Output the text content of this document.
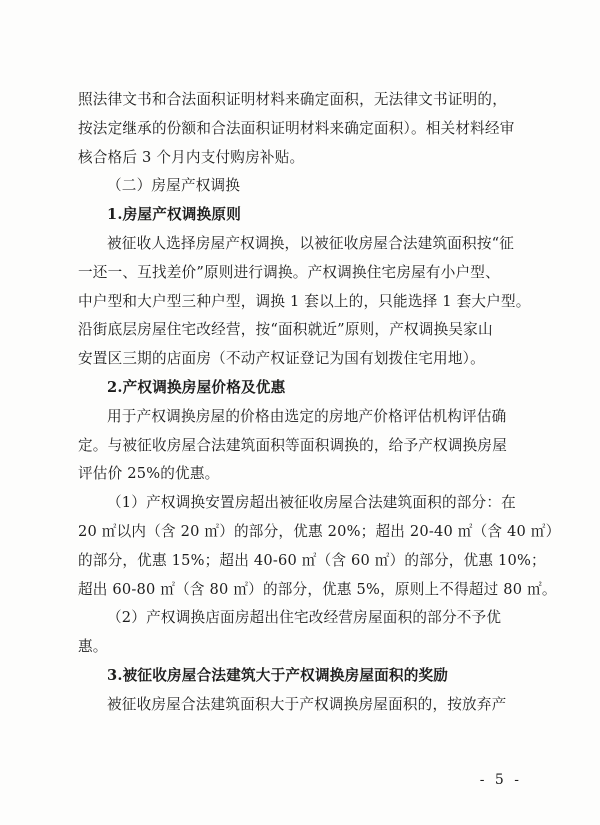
照法律文书和合法面积证明材料来确定面积，无法律文书证明的，
按法定继承的份额和合法面积证明材料来确定面积）。相关材料经审
核合格后 3 个月内支付购房补贴。
（二）房屋产权调换
1.房屋产权调换原则
被征收人选择房屋产权调换，以被征收房屋合法建筑面积按“征
一还一、互找差价”原则进行调换。产权调换住宅房屋有小户型、
中户型和大户型三种户型，调换 1 套以上的，只能选择 1 套大户型。
沿街底层房屋住宅改经营，按“面积就近”原则，产权调换吴家山
安置区三期的店面房（不动产权证登记为国有划拨住宅用地）。
2.产权调换房屋价格及优惠
用于产权调换房屋的价格由选定的房地产价格评估机构评估确
定。与被征收房屋合法建筑面积等面积调换的，给予产权调换房屋
评估价 25%的优惠。
（1）产权调换安置房超出被征收房屋合法建筑面积的部分：在
20 ㎡以内（含 20 ㎡）的部分，优惠 20%；超出 20-40 ㎡（含 40 ㎡）
的部分，优惠 15%；超出 40-60 ㎡（含 60 ㎡）的部分，优惠 10%；
超出 60-80 ㎡（含 80 ㎡）的部分，优惠 5%，原则上不得超过 80 ㎡。
（2）产权调换店面房超出住宅改经营房屋面积的部分不予优
惠。
3.被征收房屋合法建筑大于产权调换房屋面积的奖励
被征收房屋合法建筑面积大于产权调换房屋面积的，按放弃产
- 5 -
